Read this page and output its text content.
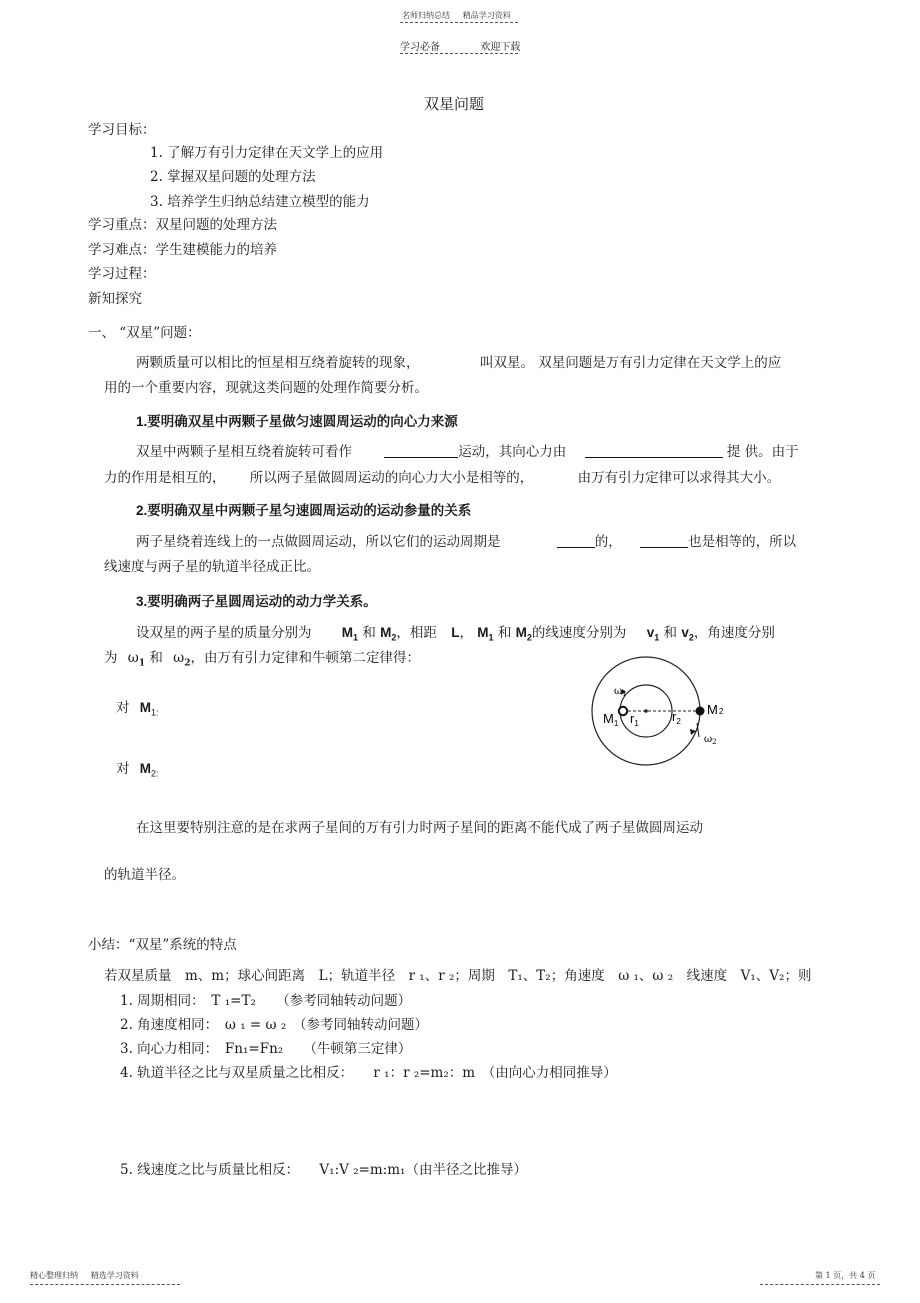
名师归纳总结 精品学习资料
学习必备	欢迎下载
双星问题
学习目标：
1. 了解万有引力定律在天文学上的应用
2. 掌握双星问题的处理方法
3. 培养学生归纳总结建立模型的能力
学习重点：双星问题的处理方法
学习难点：学生建模能力的培养
学习过程：
新知探究
一、 “双星”问题：
两颗质量可以相比的恒星相互绕着旋转的现象，	叫双星。 双星问题是万有引力定律在天文学上的应
用的一个重要内容，现就这类问题的处理作简要分析。
1.要明确双星中两颗子星做匀速圆周运动的向心力来源
双星中两颗子星相互绕着旋转可看作	运动，其向心力由	提 供。由于
力的作用是相互的， 所以两子星做圆周运动的向心力大小是相等的，	由万有引力定律可以求得其大小。
2.要明确双星中两颗子星匀速圆周运动的运动参量的关系
两子星绕着连线上的一点做圆周运动，所以它们的运动周期是	的，	也是相等的，所以
线速度与两子星的轨道半径成正比。
3.要明确两子星圆周运动的动力学关系。
设双星的两子星的质量分别为 $M_1$ 和 $M_2$，相距 L， $M_1$ 和 $M_2$的线速度分别为 $v_1$ 和 $v_2$，角速度分别
为 $\omega_1$ 和 $\omega_2$，由万有引力定律和牛顿第二定律得：
对 $M_{1:}$
对 $M_{2:}$
$\omega_1$
$M_1$ $r_1$	$r_2$
M2
$\omega_2$
在这里要特别注意的是在求两子星间的万有引力时两子星间的距离不能代成了两子星做圆周运动
的轨道半径。
小结：“双星”系统的特点
若双星质量　m、m；球心间距离　L；轨道半径　r ₁、r ₂；周期　T₁、T₂；角速度　ω ₁、ω ₂　线速度　V₁、V₂；则
1. 周期相同：　T ₁=T₂　　（参考同轴转动问题）
2. 角速度相同：　ω ₁ = ω ₂　（参考同轴转动问题）
3. 向心力相同：　Fn₁=Fn₂　　（牛顿第三定律）
4. 轨道半径之比与双星质量之比相反：　　r ₁：r ₂=m₂：m　（由向心力相同推导）
5. 线速度之比与质量比相反：　　V₁:V ₂=m:m₁（由半径之比推导）
精心整理归纳 精选学习资料	第 1 页，共 4 页
